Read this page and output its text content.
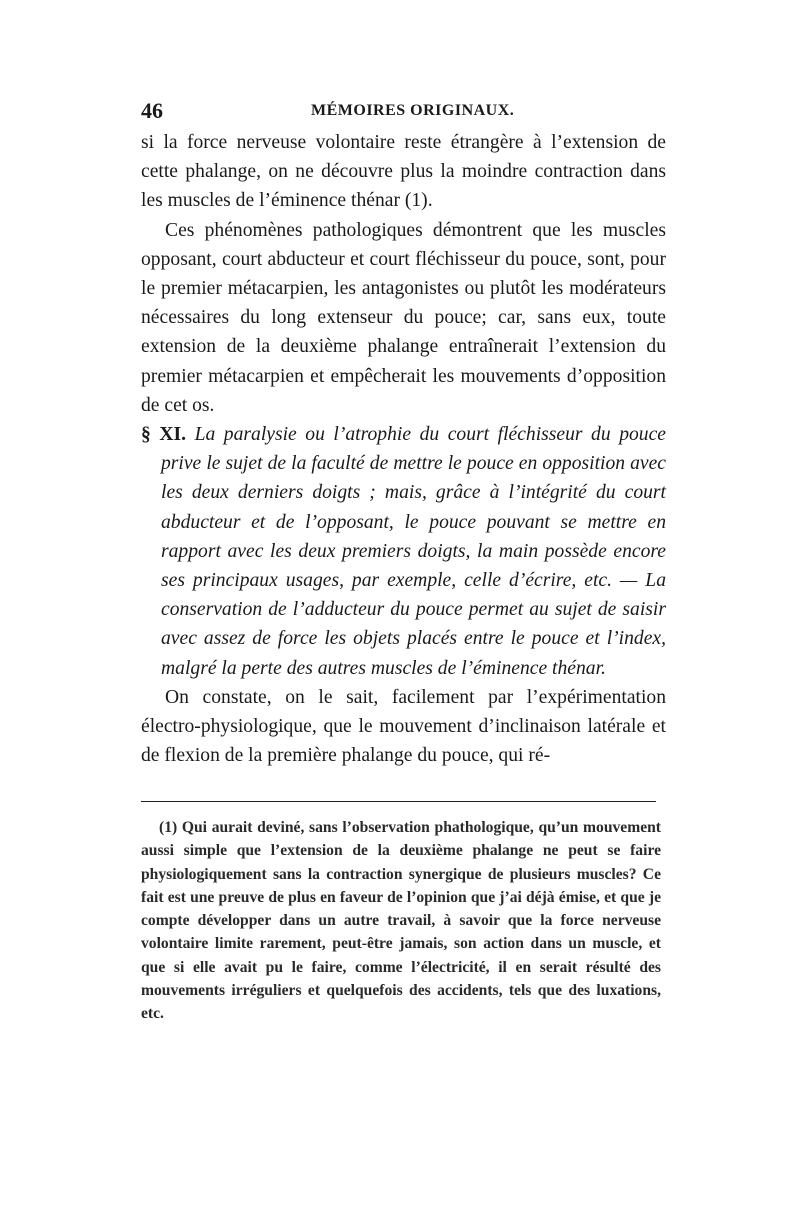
46	MÉMOIRES ORIGINAUX.

si la force nerveuse volontaire reste étrangère à l’extension de cette phalange, on ne découvre plus la moindre contraction dans les muscles de l’éminence thénar (1).

Ces phénomènes pathologiques démontrent que les muscles opposant, court abducteur et court fléchisseur du pouce, sont, pour le premier métacarpien, les antagonistes ou plutôt les modérateurs nécessaires du long extenseur du pouce; car, sans eux, toute extension de la deuxième phalange entraînerait l’extension du premier métacarpien et empêcherait les mouvements d’opposition de cet os.

§ XI. La paralysie ou l’atrophie du court fléchisseur du pouce prive le sujet de la faculté de mettre le pouce en opposition avec les deux derniers doigts ; mais, grâce à l’intégrité du court abducteur et de l’opposant, le pouce pouvant se mettre en rapport avec les deux premiers doigts, la main possède encore ses principaux usages, par exemple, celle d’écrire, etc. — La conservation de l’adducteur du pouce permet au sujet de saisir avec assez de force les objets placés entre le pouce et l’index, malgré la perte des autres muscles de l’éminence thénar.

On constate, on le sait, facilement par l’expérimentation électro-physiologique, que le mouvement d’inclinaison latérale et de flexion de la première phalange du pouce, qui ré-

(1) Qui aurait deviné, sans l’observation phathologique, qu’un mouvement aussi simple que l’extension de la deuxième phalange ne peut se faire physiologiquement sans la contraction synergique de plusieurs muscles? Ce fait est une preuve de plus en faveur de l’opinion que j’ai déjà émise, et que je compte développer dans un autre travail, à savoir que la force nerveuse volontaire limite rarement, peut-être jamais, son action dans un muscle, et que si elle avait pu le faire, comme l’électricité, il en serait résulté des mouvements irréguliers et quelquefois des accidents, tels que des luxations, etc.
